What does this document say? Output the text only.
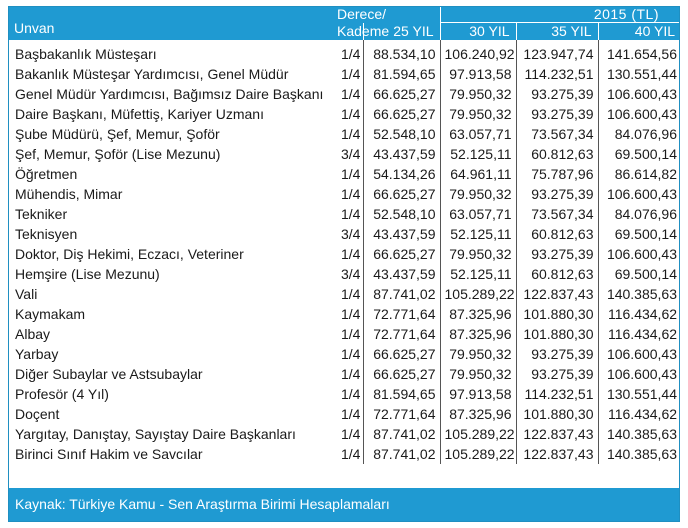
Unvan	Derece/		2015 (TL)		
	Kademe	25 YIL	30 YIL	35 YIL	40 YIL
Başbakanlık Müsteşarı	1/4	88.534,10	106.240,92	123.947,74	141.654,56
Bakanlık Müsteşar Yardımcısı, Genel Müdür	1/4	81.594,65	97.913,58	114.232,51	130.551,44
Genel Müdür Yardımcısı, Bağımsız Daire Başkanı	1/4	66.625,27	79.950,32	93.275,39	106.600,43
Daire Başkanı, Müfettiş, Kariyer Uzmanı	1/4	66.625,27	79.950,32	93.275,39	106.600,43
Şube Müdürü, Şef, Memur, Şoför	1/4	52.548,10	63.057,71	73.567,34	84.076,96
Şef, Memur, Şoför (Lise Mezunu)	3/4	43.437,59	52.125,11	60.812,63	69.500,14
Öğretmen	1/4	54.134,26	64.961,11	75.787,96	86.614,82
Mühendis, Mimar	1/4	66.625,27	79.950,32	93.275,39	106.600,43
Tekniker	1/4	52.548,10	63.057,71	73.567,34	84.076,96
Teknisyen	3/4	43.437,59	52.125,11	60.812,63	69.500,14
Doktor, Diş Hekimi, Eczacı, Veteriner	1/4	66.625,27	79.950,32	93.275,39	106.600,43
Hemşire (Lise Mezunu)	3/4	43.437,59	52.125,11	60.812,63	69.500,14
Vali	1/4	87.741,02	105.289,22	122.837,43	140.385,63
Kaymakam	1/4	72.771,64	87.325,96	101.880,30	116.434,62
Albay	1/4	72.771,64	87.325,96	101.880,30	116.434,62
Yarbay	1/4	66.625,27	79.950,32	93.275,39	106.600,43
Diğer Subaylar ve Astsubaylar	1/4	66.625,27	79.950,32	93.275,39	106.600,43
Profesör (4 Yıl)	1/4	81.594,65	97.913,58	114.232,51	130.551,44
Doçent	1/4	72.771,64	87.325,96	101.880,30	116.434,62
Yargıtay, Danıştay, Sayıştay Daire Başkanları	1/4	87.741,02	105.289,22	122.837,43	140.385,63
Birinci Sınıf Hakim ve Savcılar	1/4	87.741,02	105.289,22	122.837,43	140.385,63
Kaynak: Türkiye Kamu - Sen Araştırma Birimi Hesaplamaları
